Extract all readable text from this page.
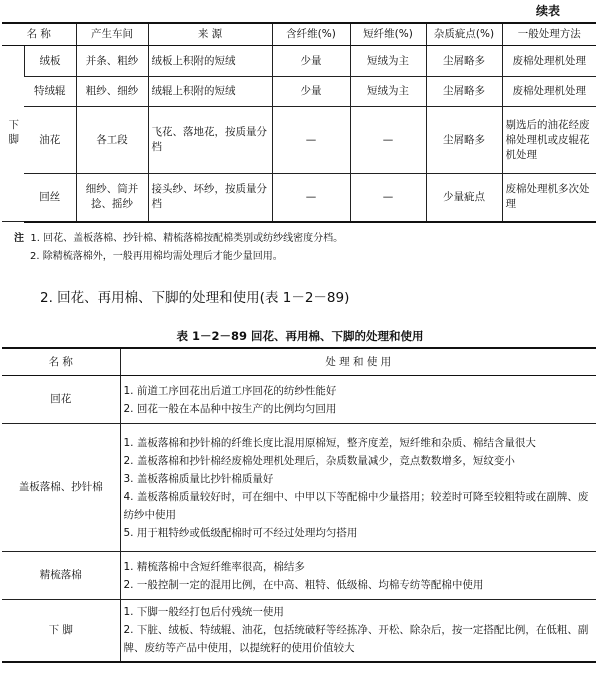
续表
名 称		产生车间	来 源	含纤维(%)	短纤维(%)	杂质疵点(%)	一般处理方法
下脚	绒板	并条、粗纱	绒板上积附的短绒	少量	短绒为主	尘屑略多	废棉处理机处理
	特绒辊	粗纱、细纱	绒辊上积附的短绒	少量	短绒为主	尘屑略多	废棉处理机处理
	油花	各工段	飞花、落地花，按质量分档	—	—	尘屑略多	剔选后的油花经废棉处理机或皮辊花机处理
	回丝	细纱、筒并捻、摇纱	接头纱、坏纱，按质量分档	—	—	少量疵点	废棉处理机多次处理
注 1. 回花、盖板落棉、抄针棉、精梳落棉按配棉类别或纺纱线密度分档。
2. 除精梳落棉外，一般再用棉均需处理后才能少量回用。
2. 回花、再用棉、下脚的处理和使用(表 1－2－89)
表 1－2－89 回花、再用棉、下脚的处理和使用
名 称	处 理 和 使 用
回花	1. 前道工序回花出后道工序回花的纺纱性能好
2. 回花一般在本品种中按生产的比例均匀回用

盖板落棉、抄针棉	1. 盖板落棉和抄针棉的纤维长度比混用原棉短，整齐度差，短纤维和杂质、棉结含量很大
2. 盖板落棉和抄针棉经废棉处理机处理后，杂质数量减少，竞点数数增多，短纹变小
3. 盖板落棉质量比抄针棉质量好
4. 盖板落棉质量较好时，可在细中、中甲以下等配棉中少量搭用；较差时可降至较粗特或在副牌、废纺纱中使用
5. 用于粗特纱或低级配棉时可不经过处理均匀搭用

精梳落棉	1. 精梳落棉中含短纤维率很高，棉结多
2. 一般控制一定的混用比例，在中高、粗特、低级棉、均棉专纺等配棉中使用

下 脚	1. 下脚一般经打包后付残统一使用
2. 下脏、绒板、特绒辊、油花，包括统破籽等经拣净、开松、除杂后，按一定搭配比例，在低粗、副牌、废纺等产品中使用，以提统籽的使用价值较大
